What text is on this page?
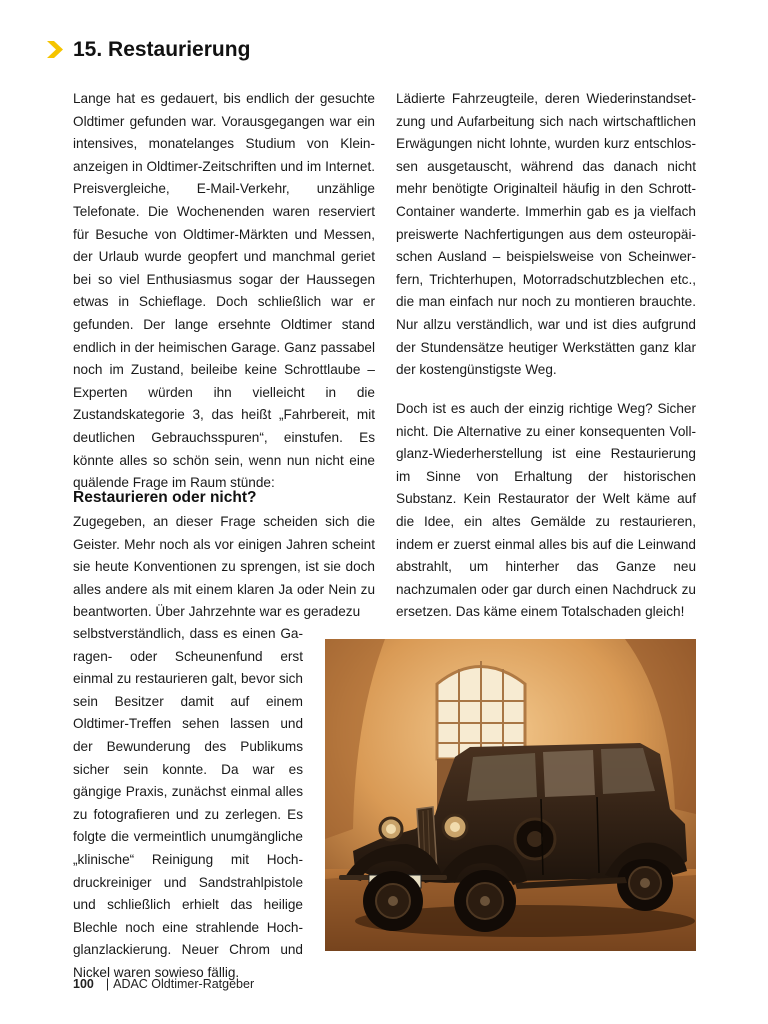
15. Restaurierung

Lange hat es gedauert, bis endlich der gesuchte Oldtimer gefunden war. Vorausgegangen war ein intensives, monatelanges Studium von Kleinanzeigen in Oldtimer-Zeitschriften und im Internet. Preisvergleiche, E-Mail-Verkehr, unzählige Telefonate. Die Wochenenden waren reserviert für Besuche von Oldtimer-Märkten und Messen, der Urlaub wurde geopfert und manchmal geriet bei so viel Enthusiasmus sogar der Haussegen etwas in Schieflage. Doch schließlich war er gefunden. Der lange ersehnte Oldtimer stand endlich in der heimischen Garage. Ganz passabel noch im Zustand, beileibe keine Schrottlaube – Experten würden ihn vielleicht in die Zustandskategorie 3, das heißt „Fahrbereit, mit deutlichen Gebrauchsspuren“, einstufen. Es könnte alles so schön sein, wenn nun nicht eine quälende Frage im Raum stünde:

Restaurieren oder nicht?

Zugegeben, an dieser Frage scheiden sich die Geister. Mehr noch als vor einigen Jahren scheint sie heute Konventionen zu sprengen, ist sie doch alles andere als mit einem klaren Ja oder Nein zu beantworten. Über Jahrzehnte war es geradezu

selbstverständlich, dass es einen Garagen- oder Scheunenfund erst einmal zu restaurieren galt, bevor sich sein Besitzer damit auf einem Oldtimer-Treffen sehen lassen und der Bewunderung des Publikums sicher sein konnte. Da war es gängige Praxis, zunächst einmal alles zu fotografieren und zu zerlegen. Es folgte die vermeintlich unumgängliche „klinische“ Reinigung mit Hochdruckreiniger und Sandstrahlpistole und schließlich erhielt das heilige Blechle noch eine strahlende Hochglanzlackierung. Neuer Chrom und Nickel waren sowieso fällig.

Lädierte Fahrzeugteile, deren Wiederinstandsetzung und Aufarbeitung sich nach wirtschaftlichen Erwägungen nicht lohnte, wurden kurz entschlossen ausgetauscht, während das danach nicht mehr benötigte Originalteil häufig in den Schrott-Container wanderte. Immerhin gab es ja vielfach preiswerte Nachfertigungen aus dem osteuropäischen Ausland – beispielsweise von Scheinwerfern, Trichterhupen, Motorradschutzblechen etc., die man einfach nur noch zu montieren brauchte. Nur allzu verständlich, war und ist dies aufgrund der Stundensätze heutiger Werkstätten ganz klar der kostengünstigste Weg.

Doch ist es auch der einzig richtige Weg? Sicher nicht. Die Alternative zu einer konsequenten Vollglanz-Wiederherstellung ist eine Restaurierung im Sinne von Erhaltung der historischen Substanz. Kein Restaurator der Welt käme auf die Idee, ein altes Gemälde zu restaurieren, indem er zuerst einmal alles bis auf die Leinwand abstrahlt, um hinterher das Ganze neu nachzumalen oder gar durch einen Nachdruck zu ersetzen. Das käme einem Totalschaden gleich!

100 | ADAC Oldtimer-Ratgeber
